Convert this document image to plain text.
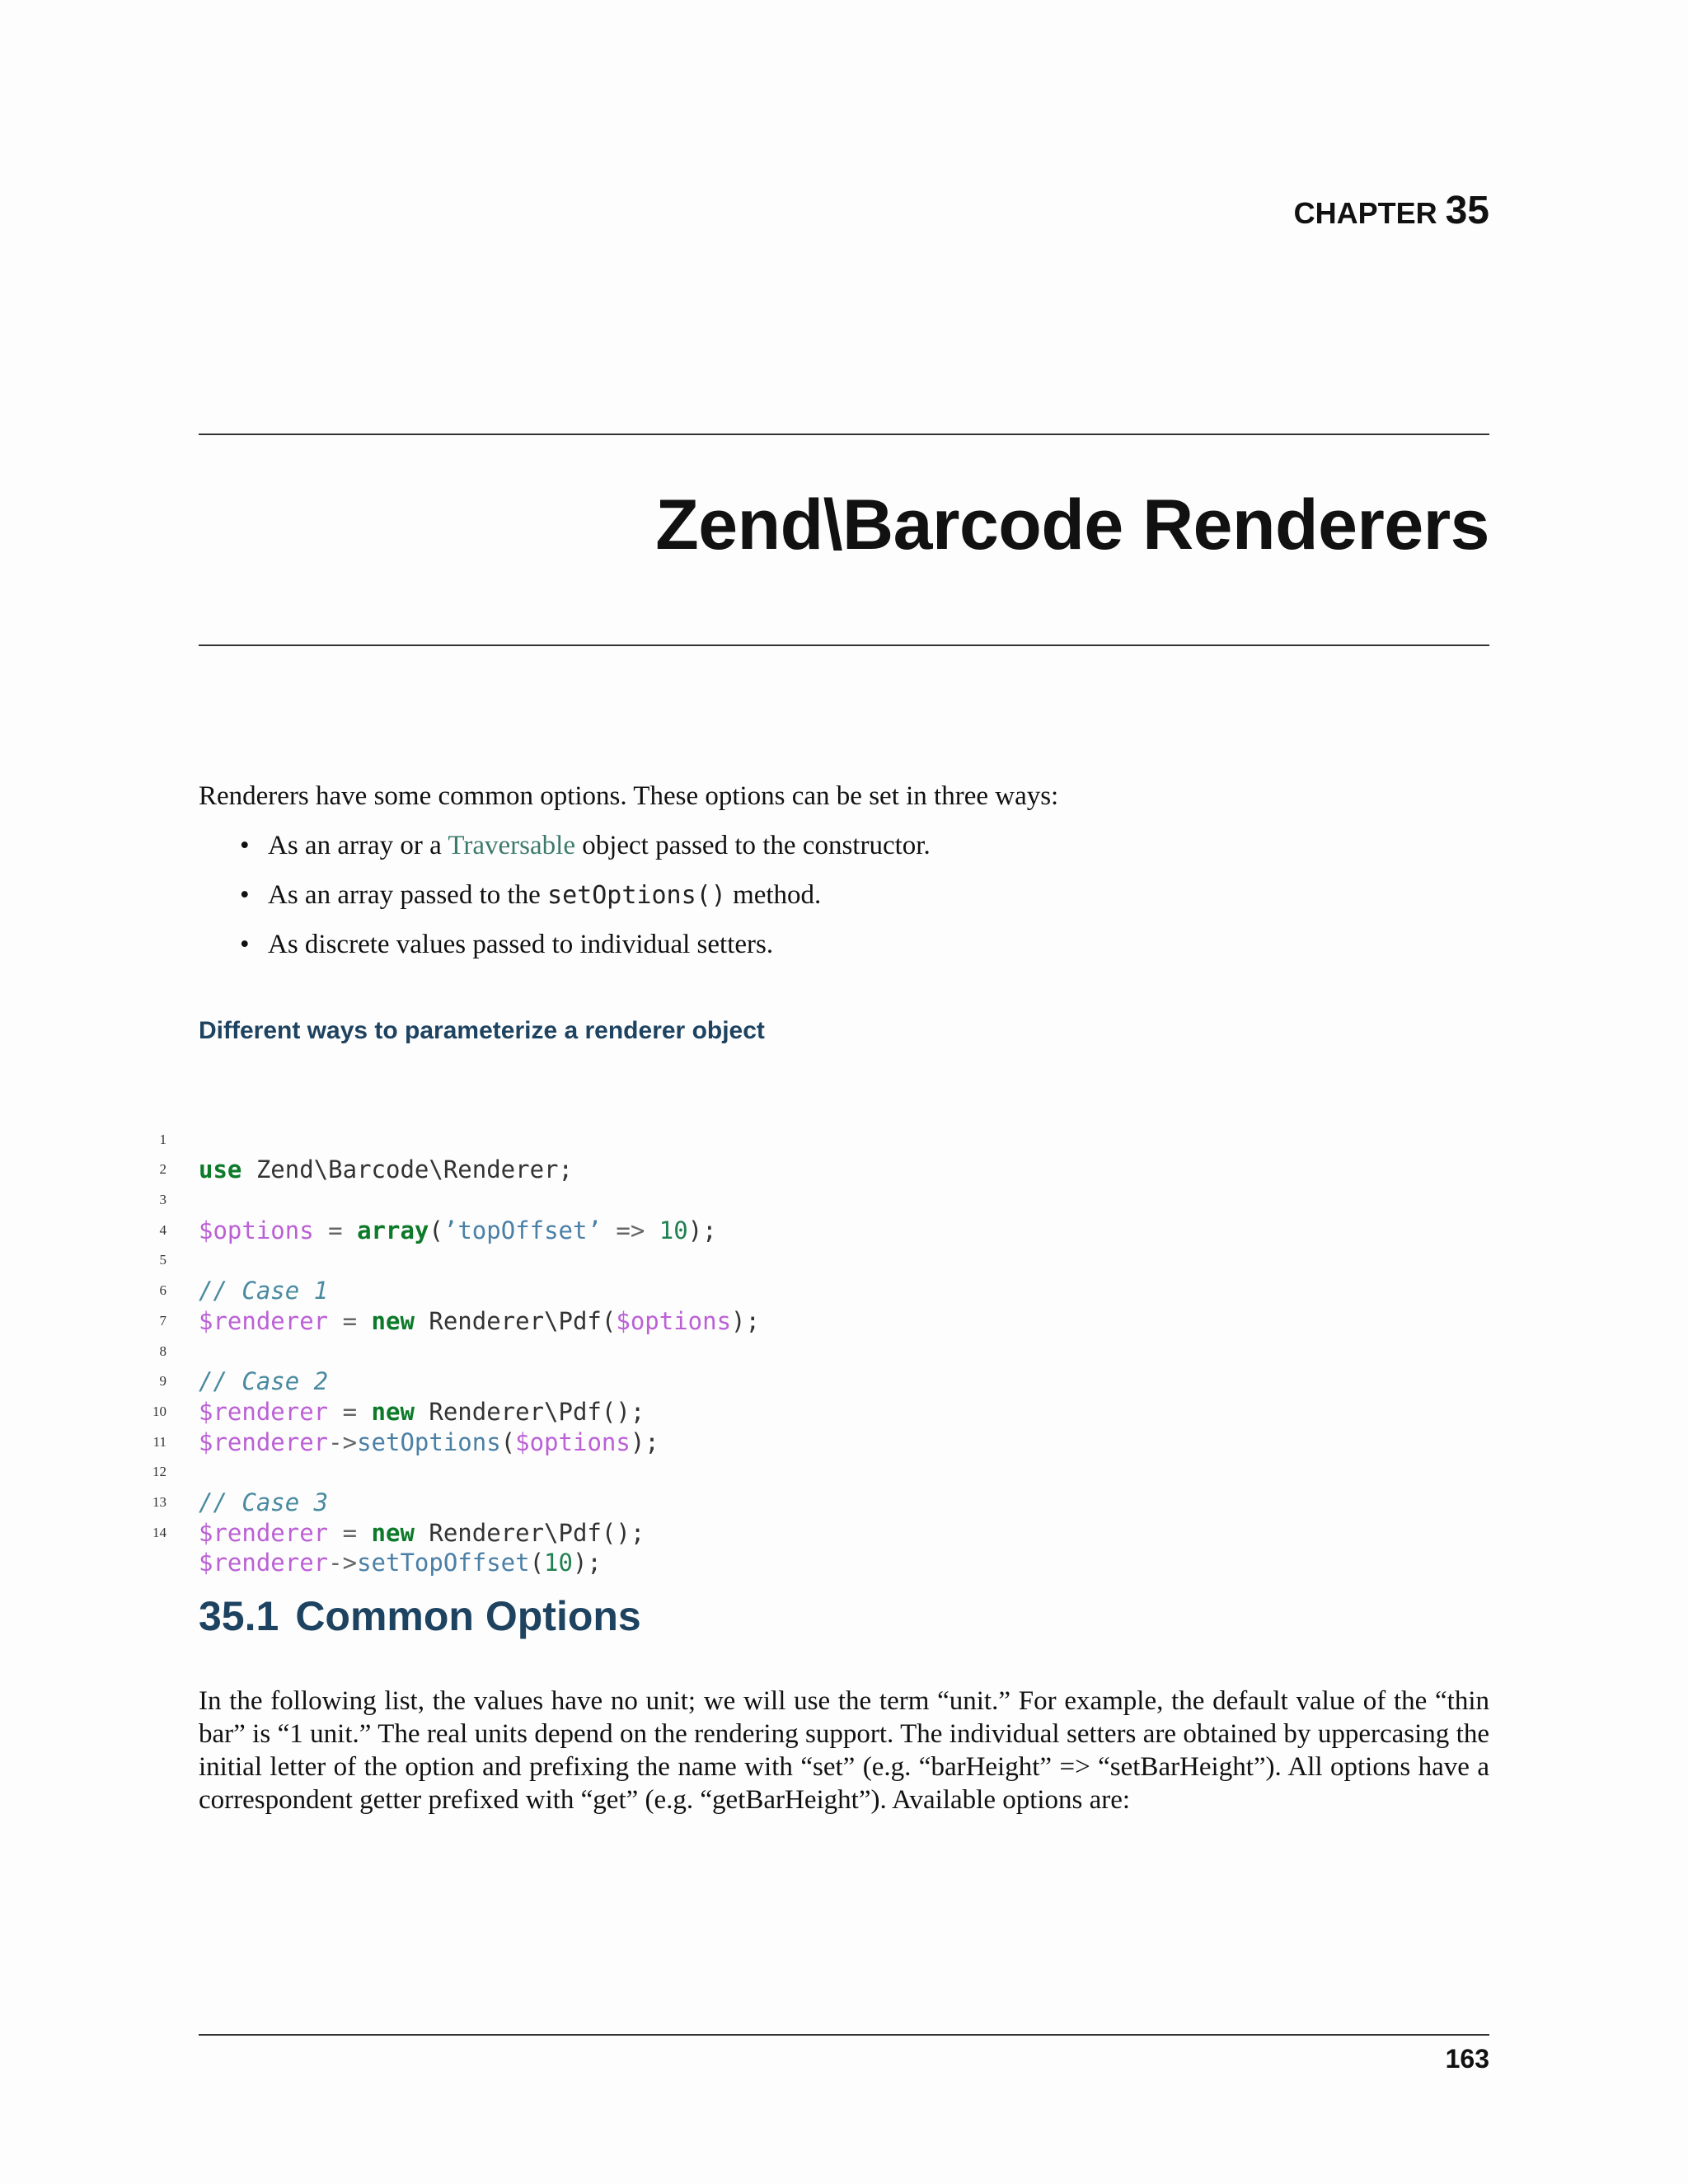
CHAPTER 35
Zend\Barcode Renderers
Renderers have some common options. These options can be set in three ways:
• As an array or a Traversable object passed to the constructor.
• As an array passed to the setOptions() method.
• As discrete values passed to individual setters.
Different ways to parameterize a renderer object

1

use Zend\Barcode\Renderer;

2

3

$options = array(’topOffset’ => 10);

4

5

// Case 1

6

$renderer = new Renderer\Pdf($options);

7

8

// Case 2

9

$renderer = new Renderer\Pdf();

10

$renderer->setOptions($options);

11

12

// Case 3

13

$renderer = new Renderer\Pdf();

14

$renderer->setTopOffset(10);

35.1 Common Options
In the following list, the values have no unit; we will use the term “unit.” For example, the default value of the “thin bar” is “1 unit.” The real units depend on the rendering support. The individual setters are obtained by uppercasing the initial letter of the option and prefixing the name with “set” (e.g. “barHeight” => “setBarHeight”). All options have a correspondent getter prefixed with “get” (e.g. “getBarHeight”). Available options are:
163
